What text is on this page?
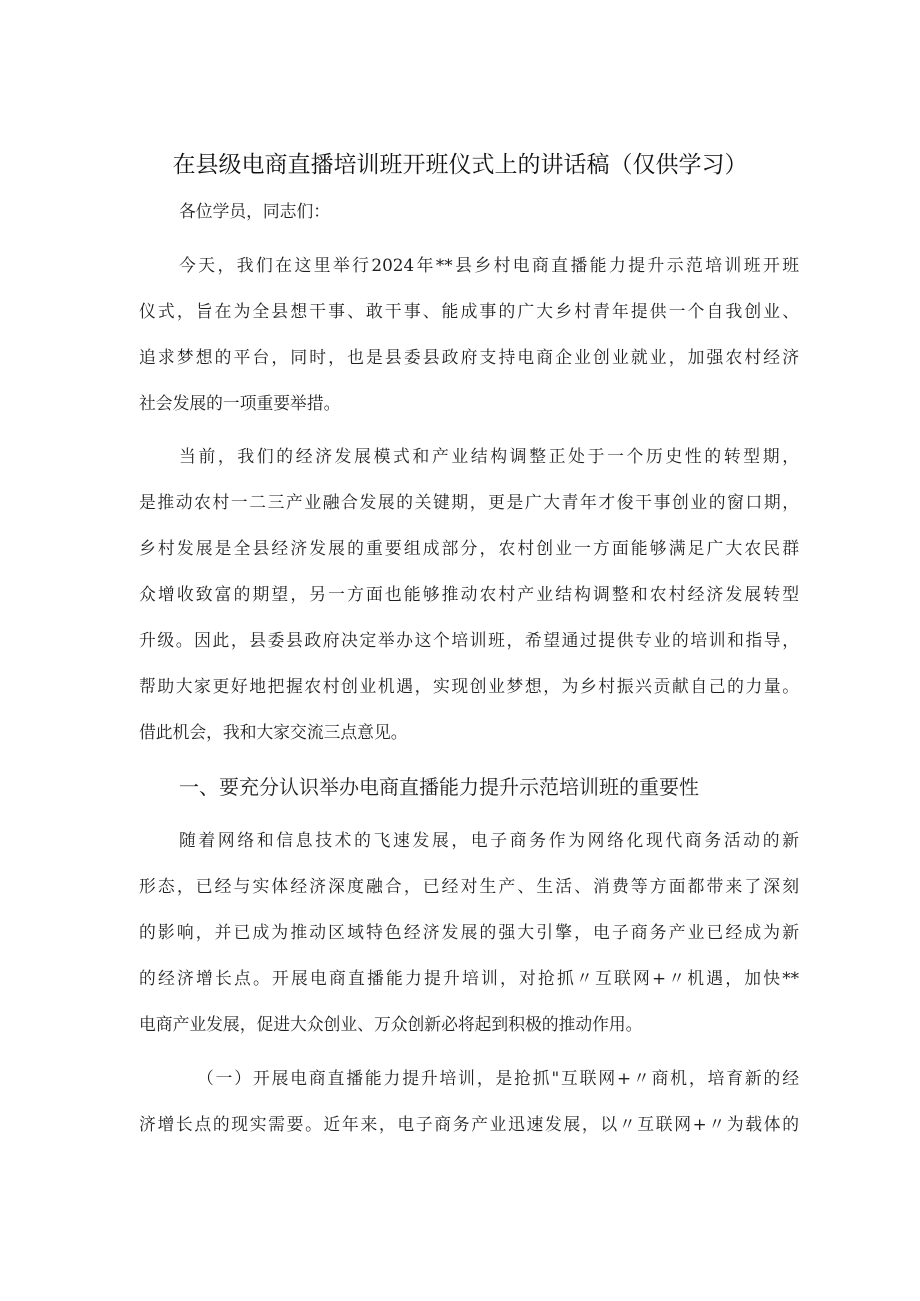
在县级电商直播培训班开班仪式上的讲话稿（仅供学习）
各位学员，同志们：
今天，我们在这里举行2024年**县乡村电商直播能力提升示范培训班开班
仪式，旨在为全县想干事、敢干事、能成事的广大乡村青年提供一个自我创业、
追求梦想的平台，同时，也是县委县政府支持电商企业创业就业，加强农村经济
社会发展的一项重要举措。
当前，我们的经济发展模式和产业结构调整正处于一个历史性的转型期，
是推动农村一二三产业融合发展的关键期，更是广大青年才俊干事创业的窗口期，
乡村发展是全县经济发展的重要组成部分，农村创业一方面能够满足广大农民群
众增收致富的期望，另一方面也能够推动农村产业结构调整和农村经济发展转型
升级。因此，县委县政府决定举办这个培训班，希望通过提供专业的培训和指导，
帮助大家更好地把握农村创业机遇，实现创业梦想，为乡村振兴贡献自己的力量。
借此机会，我和大家交流三点意见。
一、要充分认识举办电商直播能力提升示范培训班的重要性
随着网络和信息技术的飞速发展，电子商务作为网络化现代商务活动的新
形态，已经与实体经济深度融合，已经对生产、生活、消费等方面都带来了深刻
的影响，并已成为推动区域特色经济发展的强大引擎，电子商务产业已经成为新
的经济增长点。开展电商直播能力提升培训，对抢抓〃互联网+〃机遇，加快**
电商产业发展，促进大众创业、万众创新必将起到积极的推动作用。
（一）开展电商直播能力提升培训，是抢抓"互联网+〃商机，培育新的经
济增长点的现实需要。近年来，电子商务产业迅速发展，以〃互联网+〃为载体的
